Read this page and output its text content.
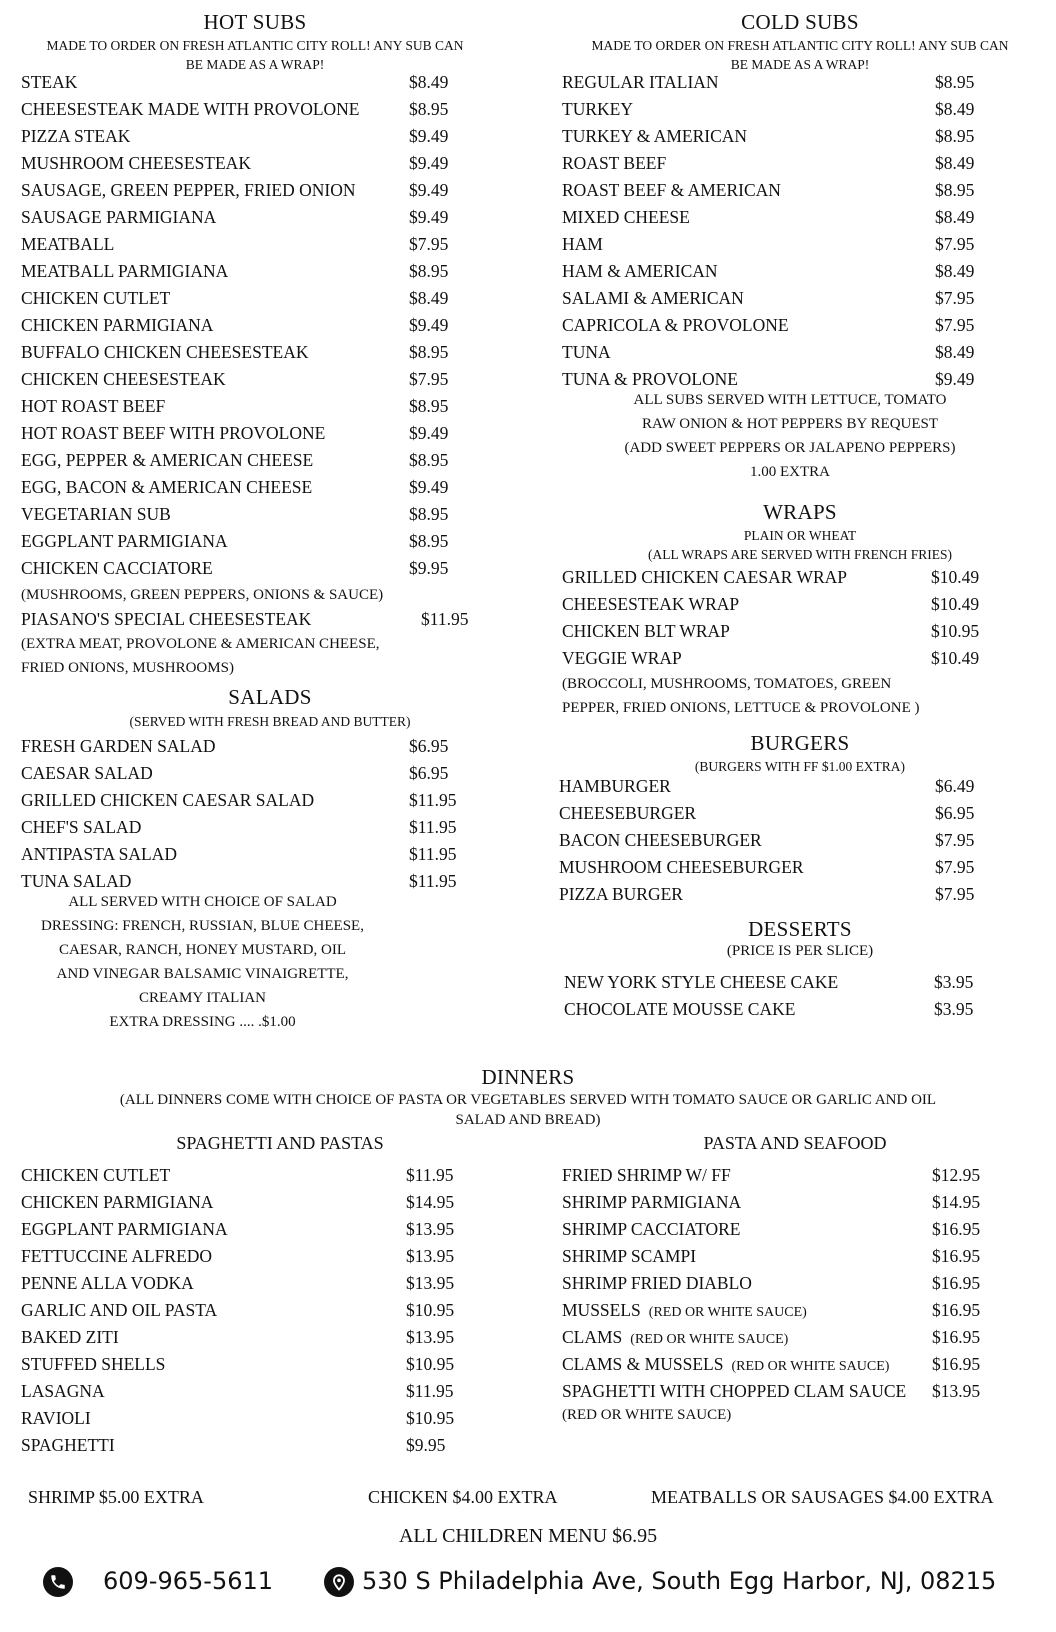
HOT SUBS
MADE TO ORDER ON FRESH ATLANTIC CITY ROLL! ANY SUB CAN
BE MADE AS A WRAP!
STEAK	$8.49
CHEESESTEAK MADE WITH PROVOLONE	$8.95
PIZZA STEAK	$9.49
MUSHROOM CHEESESTEAK	$9.49
SAUSAGE, GREEN PEPPER, FRIED ONION	$9.49
SAUSAGE PARMIGIANA	$9.49
MEATBALL	$7.95
MEATBALL PARMIGIANA	$8.95
CHICKEN CUTLET	$8.49
CHICKEN PARMIGIANA	$9.49
BUFFALO CHICKEN CHEESESTEAK	$8.95
CHICKEN CHEESESTEAK	$7.95
HOT ROAST BEEF	$8.95
HOT ROAST BEEF WITH PROVOLONE	$9.49
EGG, PEPPER & AMERICAN CHEESE	$8.95
EGG, BACON & AMERICAN CHEESE	$9.49
VEGETARIAN SUB	$8.95
EGGPLANT PARMIGIANA	$8.95
CHICKEN CACCIATORE	$9.95
(MUSHROOMS, GREEN PEPPERS, ONIONS & SAUCE)
PIASANO'S SPECIAL CHEESESTEAK	$11.95
(EXTRA MEAT, PROVOLONE & AMERICAN CHEESE,
FRIED ONIONS, MUSHROOMS)
SALADS
(SERVED WITH FRESH BREAD AND BUTTER)
FRESH GARDEN SALAD	$6.95
CAESAR SALAD	$6.95
GRILLED CHICKEN CAESAR SALAD	$11.95
CHEF'S SALAD	$11.95
ANTIPASTA SALAD	$11.95
TUNA SALAD	$11.95
ALL SERVED WITH CHOICE OF SALAD
DRESSING: FRENCH, RUSSIAN, BLUE CHEESE,
CAESAR, RANCH, HONEY MUSTARD, OIL
AND VINEGAR BALSAMIC VINAIGRETTE,
CREAMY ITALIAN
EXTRA DRESSING .... .$1.00
COLD SUBS
MADE TO ORDER ON FRESH ATLANTIC CITY ROLL! ANY SUB CAN
BE MADE AS A WRAP!
REGULAR ITALIAN	$8.95
TURKEY	$8.49
TURKEY & AMERICAN	$8.95
ROAST BEEF	$8.49
ROAST BEEF & AMERICAN	$8.95
MIXED CHEESE	$8.49
HAM	$7.95
HAM & AMERICAN	$8.49
SALAMI & AMERICAN	$7.95
CAPRICOLA & PROVOLONE	$7.95
TUNA	$8.49
TUNA & PROVOLONE	$9.49
ALL SUBS SERVED WITH LETTUCE, TOMATO
RAW ONION & HOT PEPPERS BY REQUEST
(ADD SWEET PEPPERS OR JALAPENO PEPPERS)
1.00 EXTRA
WRAPS
PLAIN OR WHEAT
(ALL WRAPS ARE SERVED WITH FRENCH FRIES)
GRILLED CHICKEN CAESAR WRAP	$10.49
CHEESESTEAK WRAP	$10.49
CHICKEN BLT WRAP	$10.95
VEGGIE WRAP	$10.49
(BROCCOLI, MUSHROOMS, TOMATOES, GREEN
PEPPER, FRIED ONIONS, LETTUCE & PROVOLONE )
BURGERS
(BURGERS WITH FF $1.00 EXTRA)
HAMBURGER	$6.49
CHEESEBURGER	$6.95
BACON CHEESEBURGER	$7.95
MUSHROOM CHEESEBURGER	$7.95
PIZZA BURGER	$7.95
DESSERTS
(PRICE IS PER SLICE)
NEW YORK STYLE CHEESE CAKE	$3.95
CHOCOLATE MOUSSE CAKE	$3.95
DINNERS
(ALL DINNERS COME WITH CHOICE OF PASTA OR VEGETABLES SERVED WITH TOMATO SAUCE OR GARLIC AND OIL
SALAD AND BREAD)
SPAGHETTI AND PASTAS	PASTA AND SEAFOOD
CHICKEN CUTLET	$11.95
CHICKEN PARMIGIANA	$14.95
EGGPLANT PARMIGIANA	$13.95
FETTUCCINE ALFREDO	$13.95
PENNE ALLA VODKA	$13.95
GARLIC AND OIL PASTA	$10.95
BAKED ZITI	$13.95
STUFFED SHELLS	$10.95
LASAGNA	$11.95
RAVIOLI	$10.95
SPAGHETTI	$9.95
FRIED SHRIMP W/ FF	$12.95
SHRIMP PARMIGIANA	$14.95
SHRIMP CACCIATORE	$16.95
SHRIMP SCAMPI	$16.95
SHRIMP FRIED DIABLO	$16.95
MUSSELS (RED OR WHITE SAUCE)	$16.95
CLAMS (RED OR WHITE SAUCE)	$16.95
CLAMS & MUSSELS (RED OR WHITE SAUCE) $16.95
SPAGHETTI WITH CHOPPED CLAM SAUCE $13.95
(RED OR WHITE SAUCE)
SHRIMP $5.00 EXTRA	CHICKEN $4.00 EXTRA	MEATBALLS OR SAUSAGES $4.00 EXTRA
ALL CHILDREN MENU $6.95
609-965-5611	530 S Philadelphia Ave, South Egg Harbor, NJ, 08215
